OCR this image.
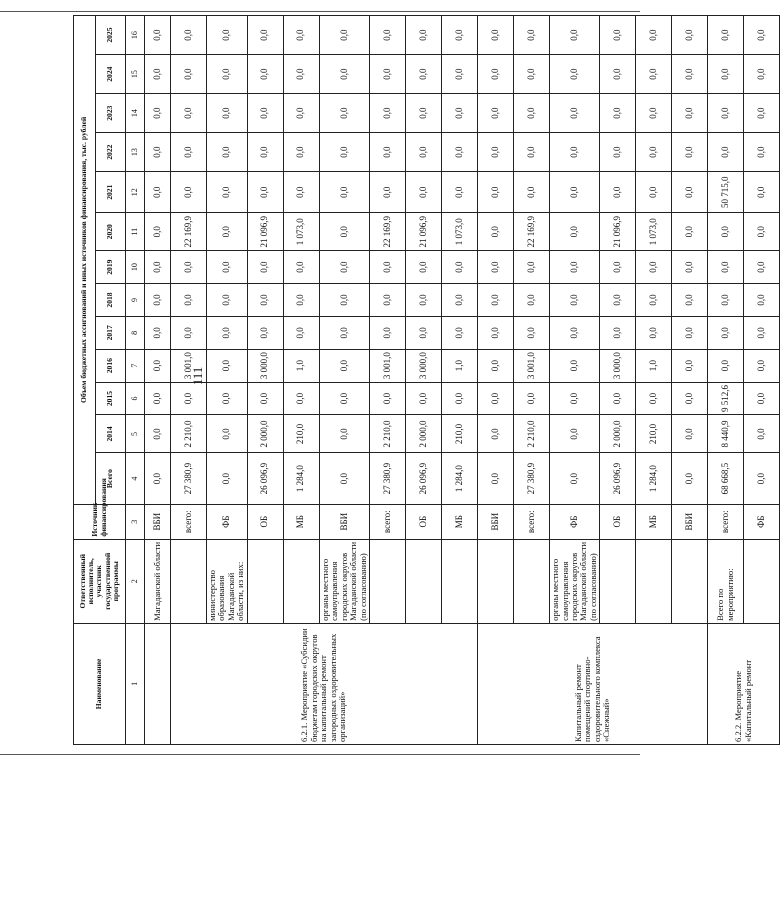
111
Наименование	Ответственный исполнитель, участник государственной программы	Источник финансирования	Объем бюджетных ассигнований и иных источников финансирования, тыс. рублей												
			Всего	2014	2015	2016	2017	2018	2019	2020	2021	2022	2023	2024	2025
1	2	3	4	5	6	7	8	9	10	11	12	13	14	15	16
	Магаданской области	ВБИ	0,0	0,0	0,0	0,0	0,0	0,0	0,0	0,0	0,0	0,0	0,0	0,0	0,0
6.2.1. Мероприятие «Субсидии бюджетам городских округов на капитальный ремонт загородных оздоровительных организаций»		всего:	27 380,9	2 210,0	0,0	3 001,0	0,0	0,0	0,0	22 169,9	0,0	0,0	0,0	0,0	0,0
	министерство образования Магаданской области, из них:	ФБ	0,0	0,0	0,0	0,0	0,0	0,0	0,0	0,0	0,0	0,0	0,0	0,0	0,0
		ОБ	26 096,9	2 000,0	0,0	3 000,0	0,0	0,0	0,0	21 096,9	0,0	0,0	0,0	0,0	0,0
		МБ	1 284,0	210,0	0,0	1,0	0,0	0,0	0,0	1 073,0	0,0	0,0	0,0	0,0	0,0
	органы местного самоуправления городских округов Магаданской области (по согласованию)	ВБИ	0,0	0,0	0,0	0,0	0,0	0,0	0,0	0,0	0,0	0,0	0,0	0,0	0,0
		всего:	27 380,9	2 210,0	0,0	3 001,0	0,0	0,0	0,0	22 169,9	0,0	0,0	0,0	0,0	0,0
		ОБ	26 096,9	2 000,0	0,0	3 000,0	0,0	0,0	0,0	21 096,9	0,0	0,0	0,0	0,0	0,0
		МБ	1 284,0	210,0	0,0	1,0	0,0	0,0	0,0	1 073,0	0,0	0,0	0,0	0,0	0,0
Капитальный ремонт помещений спортивно-оздоровительного комплекса «Снежный»		ВБИ	0,0	0,0	0,0	0,0	0,0	0,0	0,0	0,0	0,0	0,0	0,0	0,0	0,0
		всего:	27 380,9	2 210,0	0,0	3 001,0	0,0	0,0	0,0	22 169,9	0,0	0,0	0,0	0,0	0,0
	органы местного самоуправления городских округов Магаданской области (по согласованию)	ФБ	0,0	0,0	0,0	0,0	0,0	0,0	0,0	0,0	0,0	0,0	0,0	0,0	0,0
		ОБ	26 096,9	2 000,0	0,0	3 000,0	0,0	0,0	0,0	21 096,9	0,0	0,0	0,0	0,0	0,0
		МБ	1 284,0	210,0	0,0	1,0	0,0	0,0	0,0	1 073,0	0,0	0,0	0,0	0,0	0,0
		ВБИ	0,0	0,0	0,0	0,0	0,0	0,0	0,0	0,0	0,0	0,0	0,0	0,0	0,0
6.2.2. Мероприятие «Капитальный ремонт	Всего по мероприятию:	всего:	68 668,5	8 440,9	9 512,6	0,0	0,0	0,0	0,0	0,0	50 715,0	0,0	0,0	0,0	0,0
		ФБ	0,0	0,0	0,0	0,0	0,0	0,0	0,0	0,0	0,0	0,0	0,0	0,0	0,0
